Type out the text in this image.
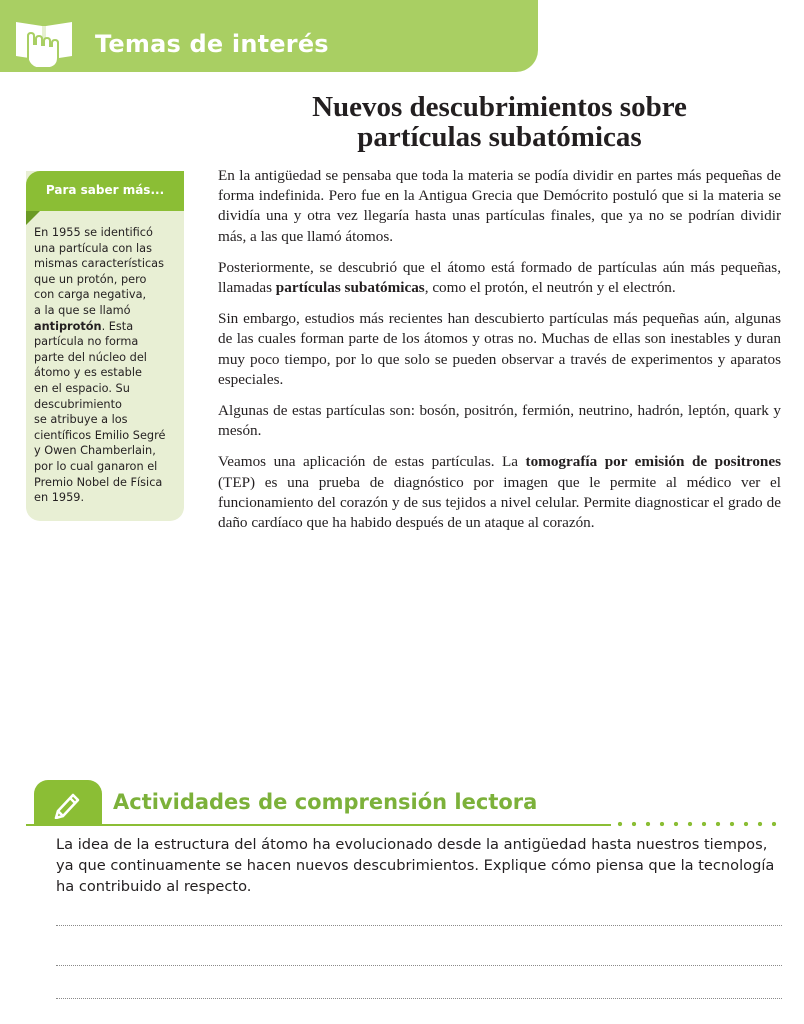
Temas de interés
Nuevos descubrimientos sobre
partículas subatómicas
Para saber más...

En 1955 se identificó
una partícula con las
mismas características
que un protón, pero
con carga negativa,
a la que se llamó
antiprotón. Esta
partícula no forma
parte del núcleo del
átomo y es estable
en el espacio. Su
descubrimiento
se atribuye a los
científicos Emilio Segré
y Owen Chamberlain,
por lo cual ganaron el
Premio Nobel de Física
en 1959.

En la antigüedad se pensaba que toda la materia se podía dividir en partes más pequeñas de forma indefinida. Pero fue en la Antigua Grecia que Demócrito postuló que si la materia se dividía una y otra vez llegaría hasta unas partículas finales, que ya no se podrían dividir más, a las que llamó átomos.

Posteriormente, se descubrió que el átomo está formado de partículas aún más pequeñas, llamadas partículas subatómicas, como el protón, el neutrón y el electrón.

Sin embargo, estudios más recientes han descubierto partículas más pequeñas aún, algunas de las cuales forman parte de los átomos y otras no. Muchas de ellas son inestables y duran muy poco tiempo, por lo que solo se pueden observar a través de experimentos y aparatos especiales.

Algunas de estas partículas son: bosón, positrón, fermión, neutrino, hadrón, leptón, quark y mesón.

Veamos una aplicación de estas partículas. La tomografía por emisión de positrones (TEP) es una prueba de diagnóstico por imagen que le permite al médico ver el funcionamiento del corazón y de sus tejidos a nivel celular. Permite diagnosticar el grado de daño cardíaco que ha habido después de un ataque al corazón.

Actividades de comprensión lectora

La idea de la estructura del átomo ha evolucionado desde la antigüedad hasta nuestros tiempos,
ya que continuamente se hacen nuevos descubrimientos. Explique cómo piensa que la tecnología
ha contribuido al respecto.
